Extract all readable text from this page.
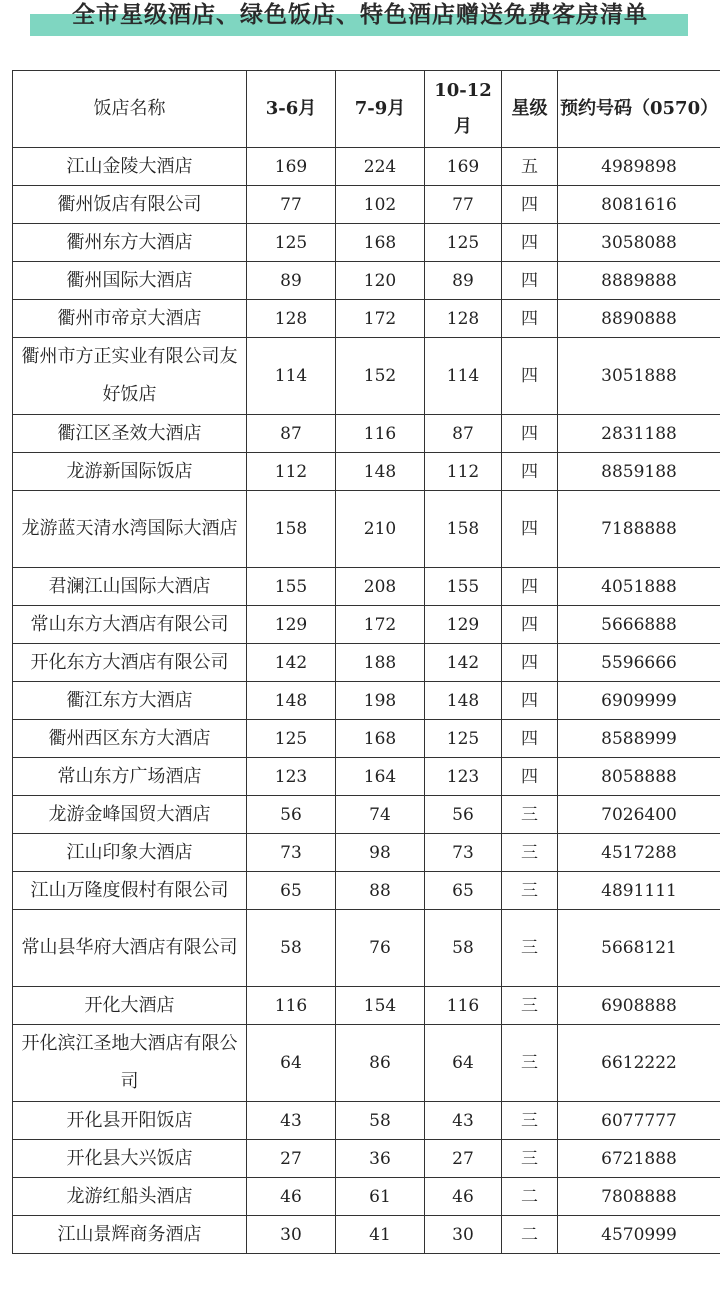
全市星级酒店、绿色饭店、特色酒店赠送免费客房清单
饭店名称	3-6月	7-9月	10-12月	星级	预约号码（0570）
江山金陵大酒店	169	224	169	五	4989898
衢州饭店有限公司	77	102	77	四	8081616
衢州东方大酒店	125	168	125	四	3058088
衢州国际大酒店	89	120	89	四	8889888
衢州市帝京大酒店	128	172	128	四	8890888
衢州市方正实业有限公司友好饭店	114	152	114	四	3051888
衢江区圣效大酒店	87	116	87	四	2831188
龙游新国际饭店	112	148	112	四	8859188
龙游蓝天清水湾国际大酒店	158	210	158	四	7188888
君澜江山国际大酒店	155	208	155	四	4051888
常山东方大酒店有限公司	129	172	129	四	5666888
开化东方大酒店有限公司	142	188	142	四	5596666
衢江东方大酒店	148	198	148	四	6909999
衢州西区东方大酒店	125	168	125	四	8588999
常山东方广场酒店	123	164	123	四	8058888
龙游金峰国贸大酒店	56	74	56	三	7026400
江山印象大酒店	73	98	73	三	4517288
江山万隆度假村有限公司	65	88	65	三	4891111
常山县华府大酒店有限公司	58	76	58	三	5668121
开化大酒店	116	154	116	三	6908888
开化滨江圣地大酒店有限公司	64	86	64	三	6612222
开化县开阳饭店	43	58	43	三	6077777
开化县大兴饭店	27	36	27	三	6721888
龙游红船头酒店	46	61	46	二	7808888
江山景辉商务酒店	30	41	30	二	4570999
